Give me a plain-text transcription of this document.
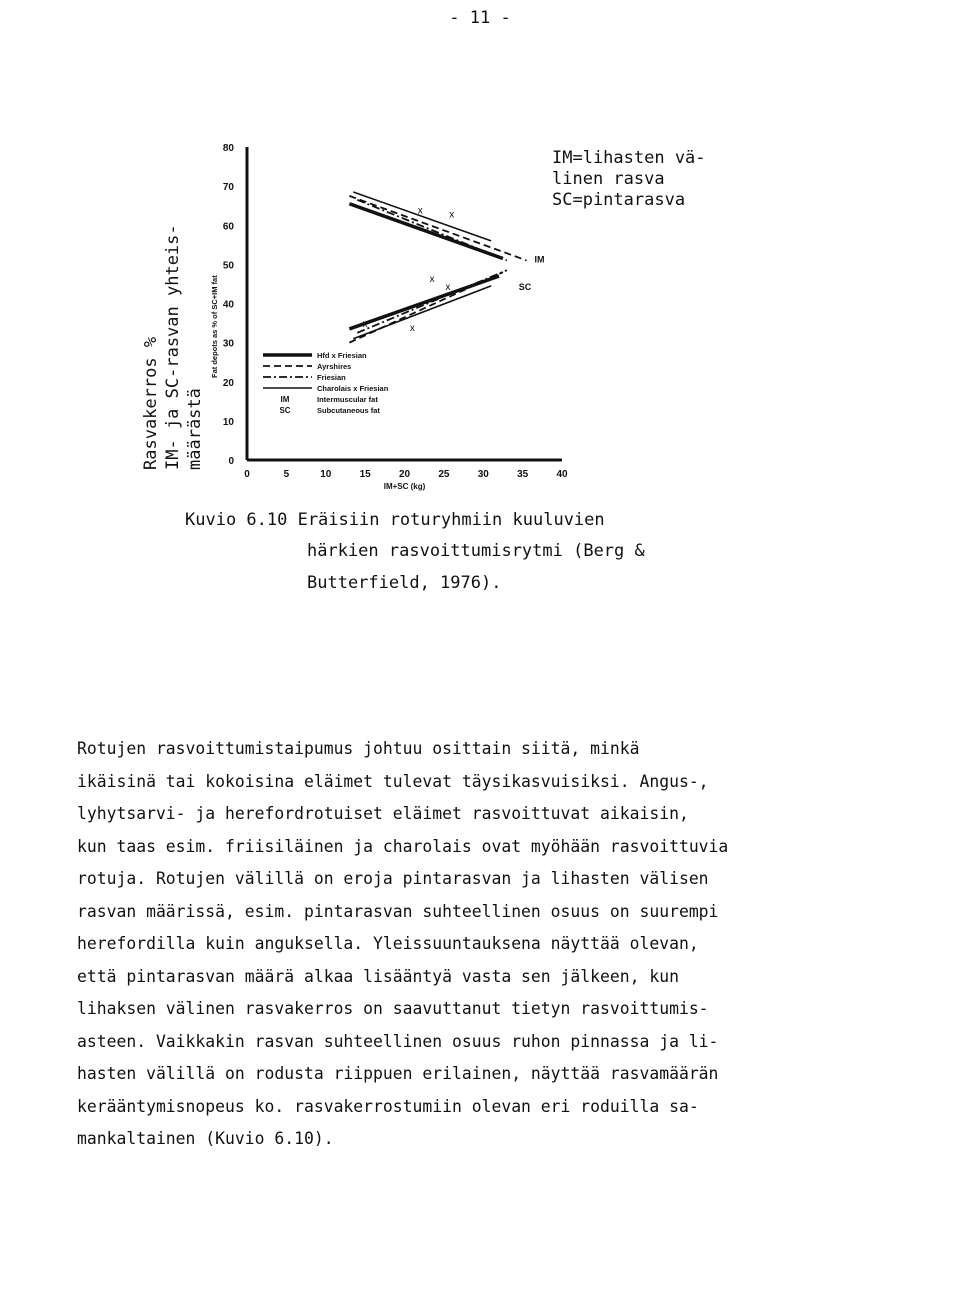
- 11 -
Rasvakerros % IM- ja SC-rasvan yhteis- määrästä 0
10
20
30
40
50
60
70
80
0	5	10	15	20	25	30	35	40
IM+SC (kg)
Fat depots as % of SC+IM fat
x
x
x
x	x
x
IM
SC
Hfd x Friesian
Ayrshires
Friesian
Charolais x Friesian
IM	Intermuscular fat
SC	Subcutaneous fat
IM=lihasten vä-
linen rasva
SC=pintarasva
Kuvio 6.10 Eräisiin roturyhmiin kuuluvien
härkien rasvoittumisrytmi (Berg &
Butterfield, 1976).
Rotujen rasvoittumistaipumus johtuu osittain siitä, minkä
ikäisinä tai kokoisina eläimet tulevat täysikasvuisiksi. Angus-,
lyhytsarvi- ja herefordrotuiset eläimet rasvoittuvat aikaisin,
kun taas esim. friisiläinen ja charolais ovat myöhään rasvoittuvia
rotuja. Rotujen välillä on eroja pintarasvan ja lihasten välisen
rasvan määrissä, esim. pintarasvan suhteellinen osuus on suurempi
herefordilla kuin anguksella. Yleissuuntauksena näyttää olevan,
että pintarasvan määrä alkaa lisääntyä vasta sen jälkeen, kun
lihaksen välinen rasvakerros on saavuttanut tietyn rasvoittumis-
asteen. Vaikkakin rasvan suhteellinen osuus ruhon pinnassa ja li-
hasten välillä on rodusta riippuen erilainen, näyttää rasvamäärän
kerääntymisnopeus ko. rasvakerrostumiin olevan eri roduilla sa-
mankaltainen (Kuvio 6.10).
